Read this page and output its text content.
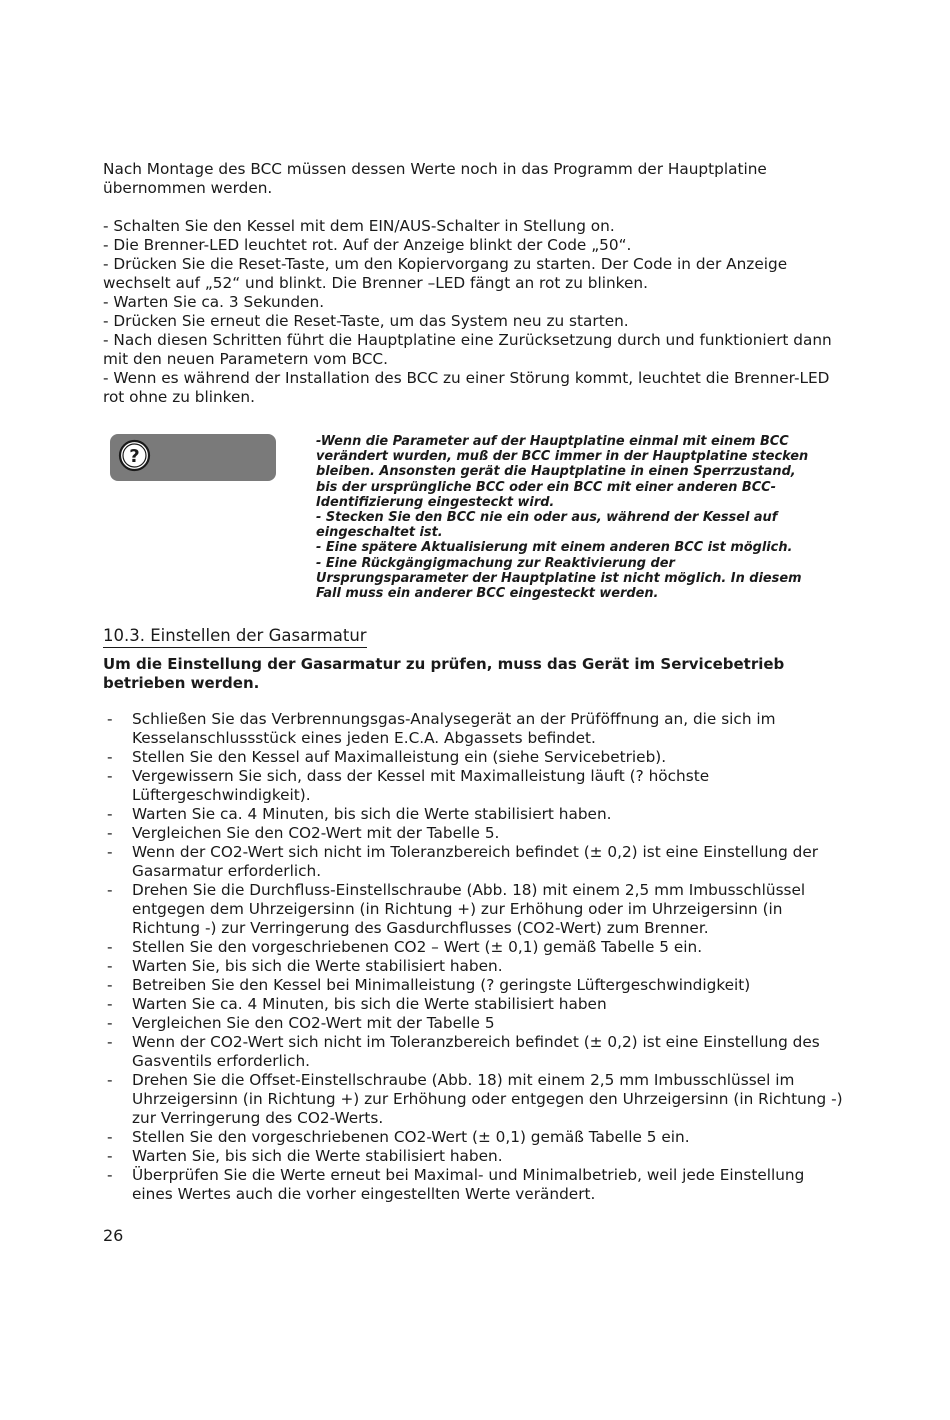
Nach Montage des BCC müssen dessen Werte noch in das Programm der Hauptplatine übernommen werden.

- Schalten Sie den Kessel mit dem EIN/AUS-Schalter in Stellung on.

- Die Brenner-LED leuchtet rot. Auf der Anzeige blinkt der Code „50“.

- Drücken Sie die Reset-Taste, um den Kopiervorgang zu starten. Der Code in der Anzeige wechselt auf „52“ und blinkt. Die Brenner –LED fängt an rot zu blinken.

- Warten Sie ca. 3 Sekunden.

- Drücken Sie erneut die Reset-Taste, um das System neu zu starten.

- Nach diesen Schritten führt die Hauptplatine eine Zurücksetzung durch und funktioniert dann mit den neuen Parametern vom BCC.

- Wenn es während der Installation des BCC zu einer Störung kommt, leuchtet die Brenner-LED rot ohne zu blinken.

?

-Wenn die Parameter auf der Hauptplatine einmal mit einem BCC verändert wurden, muß der BCC immer in der Hauptplatine stecken bleiben. Ansonsten gerät die Hauptplatine in einen Sperrzustand, bis der ursprüngliche BCC oder ein BCC mit einer anderen BCC-Identifizierung eingesteckt wird.

- Stecken Sie den BCC nie ein oder aus, während der Kessel auf eingeschaltet ist.

- Eine spätere Aktualisierung mit einem anderen BCC ist möglich.

- Eine Rückgängigmachung zur Reaktivierung der Ursprungsparameter der Hauptplatine ist nicht möglich. In diesem Fall muss ein anderer BCC eingesteckt werden.

10.3. Einstellen der Gasarmatur

Um die Einstellung der Gasarmatur zu prüfen, muss das Gerät im Servicebetrieb betrieben werden.

- Schließen Sie das Verbrennungsgas-Analysegerät an der Prüföffnung an, die sich im Kesselanschlussstück eines jeden E.C.A. Abgassets befindet.
- Stellen Sie den Kessel auf Maximalleistung ein (siehe Servicebetrieb).
- Vergewissern Sie sich, dass der Kessel mit Maximalleistung läuft (? höchste Lüftergeschwindigkeit).
- Warten Sie ca. 4 Minuten, bis sich die Werte stabilisiert haben.
- Vergleichen Sie den CO2-Wert mit der Tabelle 5.
- Wenn der CO2-Wert sich nicht im Toleranzbereich befindet (± 0,2) ist eine Einstellung der Gasarmatur erforderlich.
- Drehen Sie die Durchfluss-Einstellschraube (Abb. 18) mit einem 2,5 mm Imbusschlüssel entgegen dem Uhrzeigersinn (in Richtung +) zur Erhöhung oder im Uhrzeigersinn (in Richtung -) zur Verringerung des Gasdurchflusses (CO2-Wert) zum Brenner.
- Stellen Sie den vorgeschriebenen CO2 – Wert (± 0,1) gemäß Tabelle 5 ein.
- Warten Sie, bis sich die Werte stabilisiert haben.
- Betreiben Sie den Kessel bei Minimalleistung (? geringste Lüftergeschwindigkeit)
- Warten Sie ca. 4 Minuten, bis sich die Werte stabilisiert haben
- Vergleichen Sie den CO2-Wert mit der Tabelle 5
- Wenn der CO2-Wert sich nicht im Toleranzbereich befindet (± 0,2) ist eine Einstellung des Gasventils erforderlich.
- Drehen Sie die Offset-Einstellschraube (Abb. 18) mit einem 2,5 mm Imbusschlüssel im Uhrzeigersinn (in Richtung +) zur Erhöhung oder entgegen den Uhrzeigersinn (in Richtung -) zur Verringerung des CO2-Werts.
- Stellen Sie den vorgeschriebenen CO2-Wert (± 0,1) gemäß Tabelle 5 ein.
- Warten Sie, bis sich die Werte stabilisiert haben.
- Überprüfen Sie die Werte erneut bei Maximal- und Minimalbetrieb, weil jede Einstellung eines Wertes auch die vorher eingestellten Werte verändert.
26
